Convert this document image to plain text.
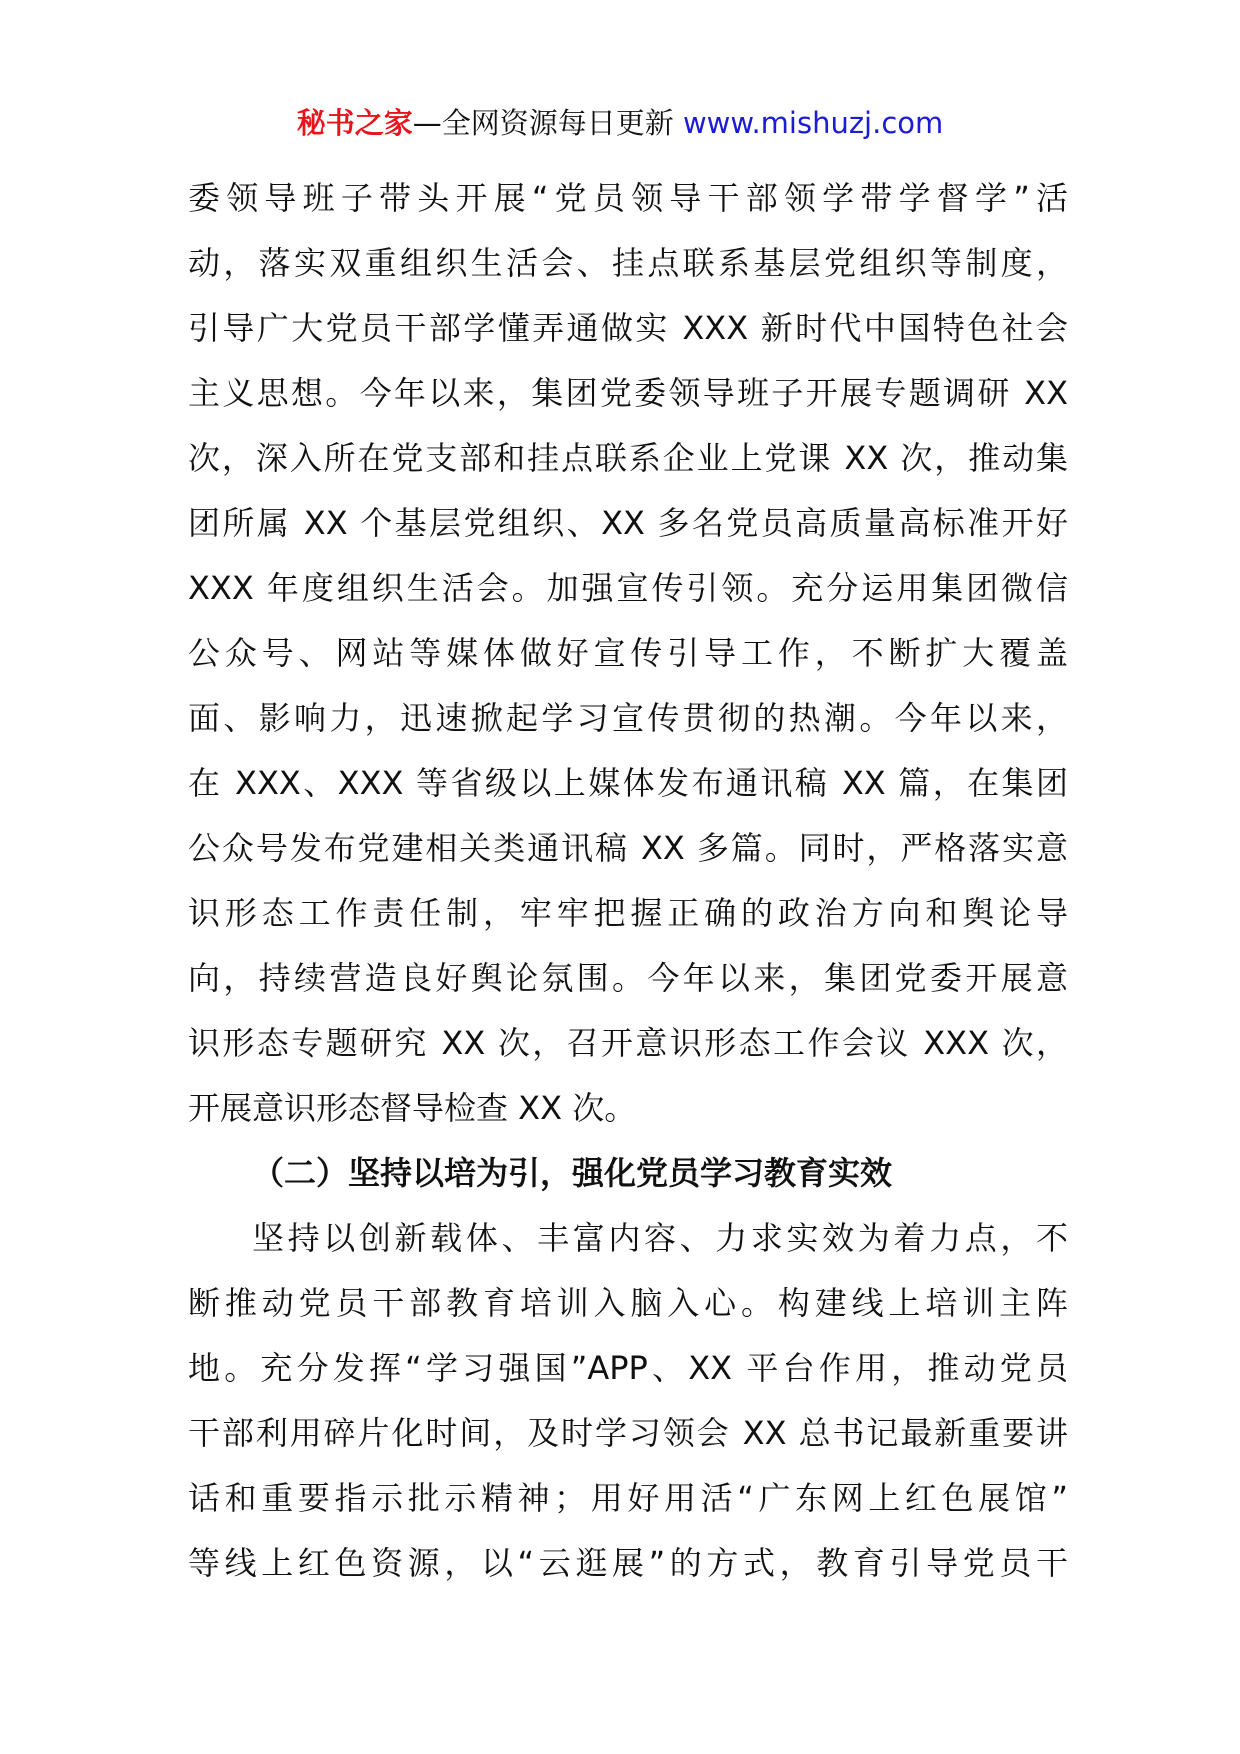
秘书之家—全网资源每日更新 www.mishuzj.com
委领导班子带头开展“党员领导干部领学带学督学”活
动，落实双重组织生活会、挂点联系基层党组织等制度，
引导广大党员干部学懂弄通做实 XXX 新时代中国特色社会
主义思想。今年以来，集团党委领导班子开展专题调研 XX
次，深入所在党支部和挂点联系企业上党课 XX 次，推动集
团所属 XX 个基层党组织、XX 多名党员高质量高标准开好
XXX 年度组织生活会。加强宣传引领。充分运用集团微信
公众号、网站等媒体做好宣传引导工作，不断扩大覆盖
面、影响力，迅速掀起学习宣传贯彻的热潮。今年以来，
在 XXX、XXX 等省级以上媒体发布通讯稿 XX 篇，在集团
公众号发布党建相关类通讯稿 XX 多篇。同时，严格落实意
识形态工作责任制，牢牢把握正确的政治方向和舆论导
向，持续营造良好舆论氛围。今年以来，集团党委开展意
识形态专题研究 XX 次，召开意识形态工作会议 XXX 次，
开展意识形态督导检查 XX 次。
（二）坚持以培为引，强化党员学习教育实效
坚持以创新载体、丰富内容、力求实效为着力点，不
断推动党员干部教育培训入脑入心。构建线上培训主阵
地。充分发挥“学习强国”APP、XX 平台作用，推动党员
干部利用碎片化时间，及时学习领会 XX 总书记最新重要讲
话和重要指示批示精神；用好用活“广东网上红色展馆”
等线上红色资源，以“云逛展”的方式，教育引导党员干
